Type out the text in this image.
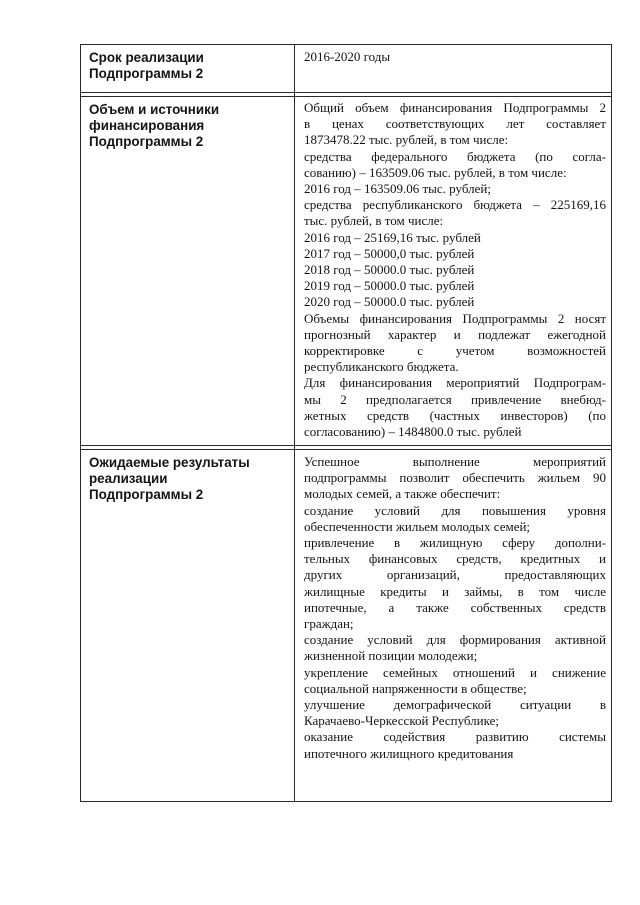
Срок реализации
Подпрограммы 2
2016-2020 годы
Объем и источники
финансирования
Подпрограммы 2
Общий объем финансирования Подпрограммы 2
в ценах соответствующих лет составляет
1873478.22 тыс. рублей, в том числе:
средства федерального бюджета (по согла-
сованию) – 163509.06 тыс. рублей, в том числе:
2016 год – 163509.06 тыс. рублей;
средства республиканского бюджета – 225169,16
тыс. рублей, в том числе:
2016 год – 25169,16 тыс. рублей
2017 год – 50000,0 тыс. рублей
2018 год – 50000.0 тыс. рублей
2019 год – 50000.0 тыс. рублей
2020 год – 50000.0 тыс. рублей
Объемы финансирования Подпрограммы 2 носят
прогнозный характер и подлежат ежегодной
корректировке с учетом возможностей
республиканского бюджета.
Для финансирования мероприятий Подпрограм-
мы 2 предполагается привлечение внебюд-
жетных средств (частных инвесторов) (по
согласованию) – 1484800.0 тыс. рублей
Ожидаемые результаты
реализации
Подпрограммы 2
Успешное выполнение мероприятий
подпрограммы позволит обеспечить жильем 90
молодых семей, а также обеспечит:
создание условий для повышения уровня
обеспеченности жильем молодых семей;
привлечение в жилищную сферу дополни-
тельных финансовых средств, кредитных и
других организаций, предоставляющих
жилищные кредиты и займы, в том числе
ипотечные, а также собственных средств
граждан;
создание условий для формирования активной
жизненной позиции молодежи;
укрепление семейных отношений и снижение
социальной напряженности в обществе;
улучшение демографической ситуации в
Карачаево-Черкесской Республике;
оказание содействия развитию системы
ипотечного жилищного кредитования
